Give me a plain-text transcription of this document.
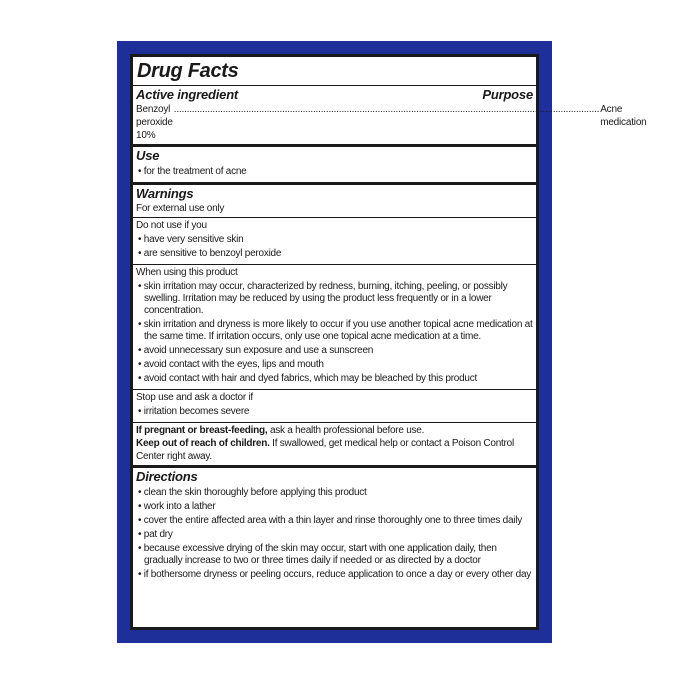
Drug Facts
Active ingredient	Purpose
Benzoyl peroxide 10%
..................................................................................................................................................................... Acne medication
Use
• for the treatment of acne
Warnings
For external use only
Do not use if you
• have very sensitive skin
• are sensitive to benzoyl peroxide
When using this product
• skin irritation may occur, characterized by redness, burning, itching, peeling, or possibly swelling. Irritation may be reduced by using the product less frequently or in a lower concentration.
• skin irritation and dryness is more likely to occur if you use another topical acne medication at the same time. If irritation occurs, only use one topical acne medication at a time.
• avoid unnecessary sun exposure and use a sunscreen
• avoid contact with the eyes, lips and mouth
• avoid contact with hair and dyed fabrics, which may be bleached by this product
Stop use and ask a doctor if
• irritation becomes severe
If pregnant or breast-feeding, ask a health professional before use.
Keep out of reach of children. If swallowed, get medical help or contact a Poison Control Center right away.
Directions
• clean the skin thoroughly before applying this product
• work into a lather
• cover the entire affected area with a thin layer and rinse thoroughly one to three times daily
• pat dry
• because excessive drying of the skin may occur, start with one application daily, then gradually increase to two or three times daily if needed or as directed by a doctor
• if bothersome dryness or peeling occurs, reduce application to once a day or every other day
